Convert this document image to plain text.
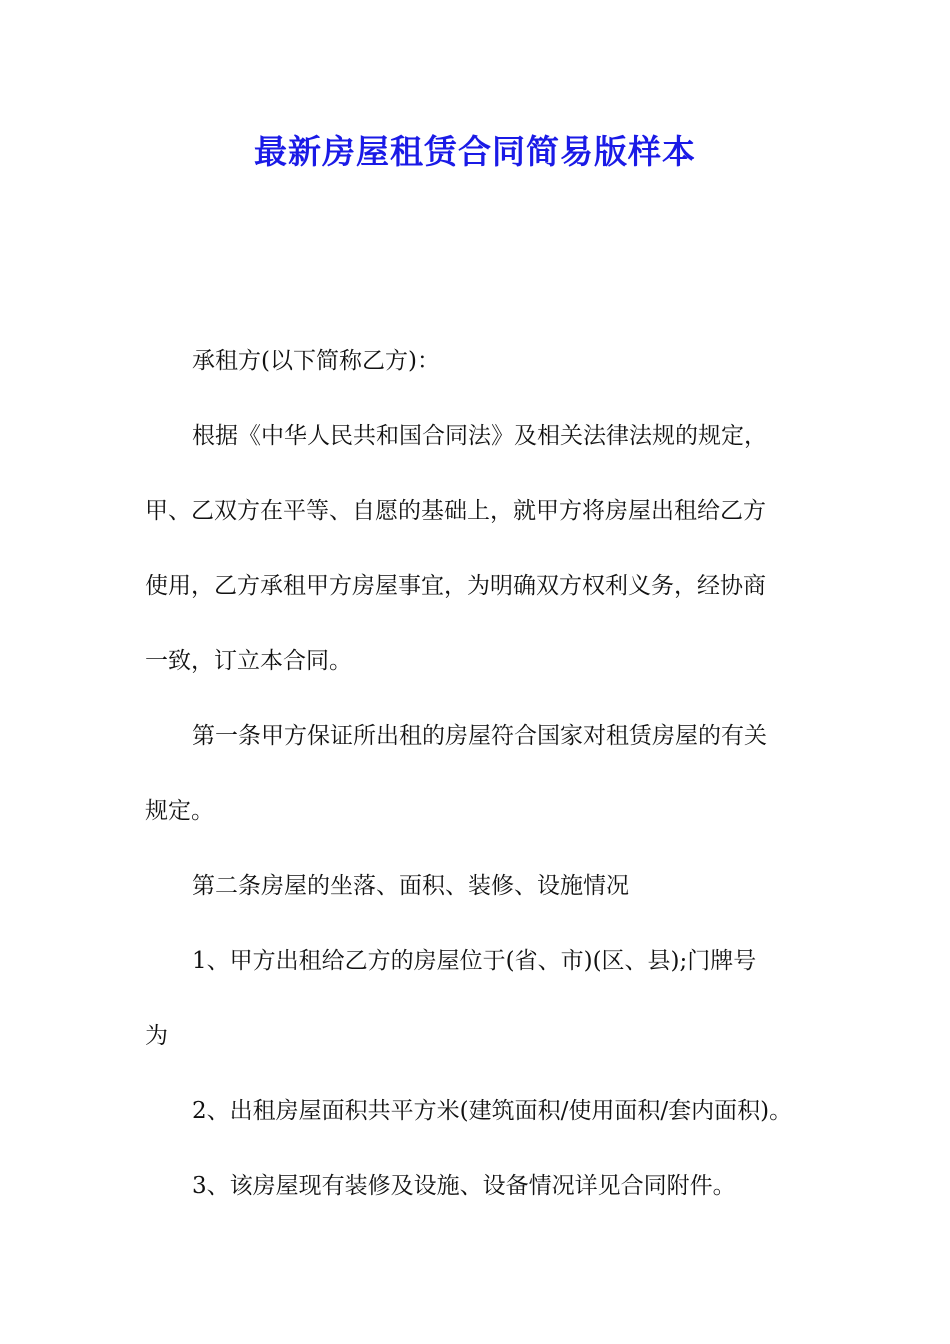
最新房屋租赁合同简易版样本
承租方(以下简称乙方)：
根据《中华人民共和国合同法》及相关法律法规的规定，
甲、乙双方在平等、自愿的基础上，就甲方将房屋出租给乙方
使用，乙方承租甲方房屋事宜，为明确双方权利义务，经协商
一致，订立本合同。
第一条甲方保证所出租的房屋符合国家对租赁房屋的有关
规定。
第二条房屋的坐落、面积、装修、设施情况
1、甲方出租给乙方的房屋位于(省、市)(区、县);门牌号
为
2、出租房屋面积共平方米(建筑面积/使用面积/套内面积)。
3、该房屋现有装修及设施、设备情况详见合同附件。
